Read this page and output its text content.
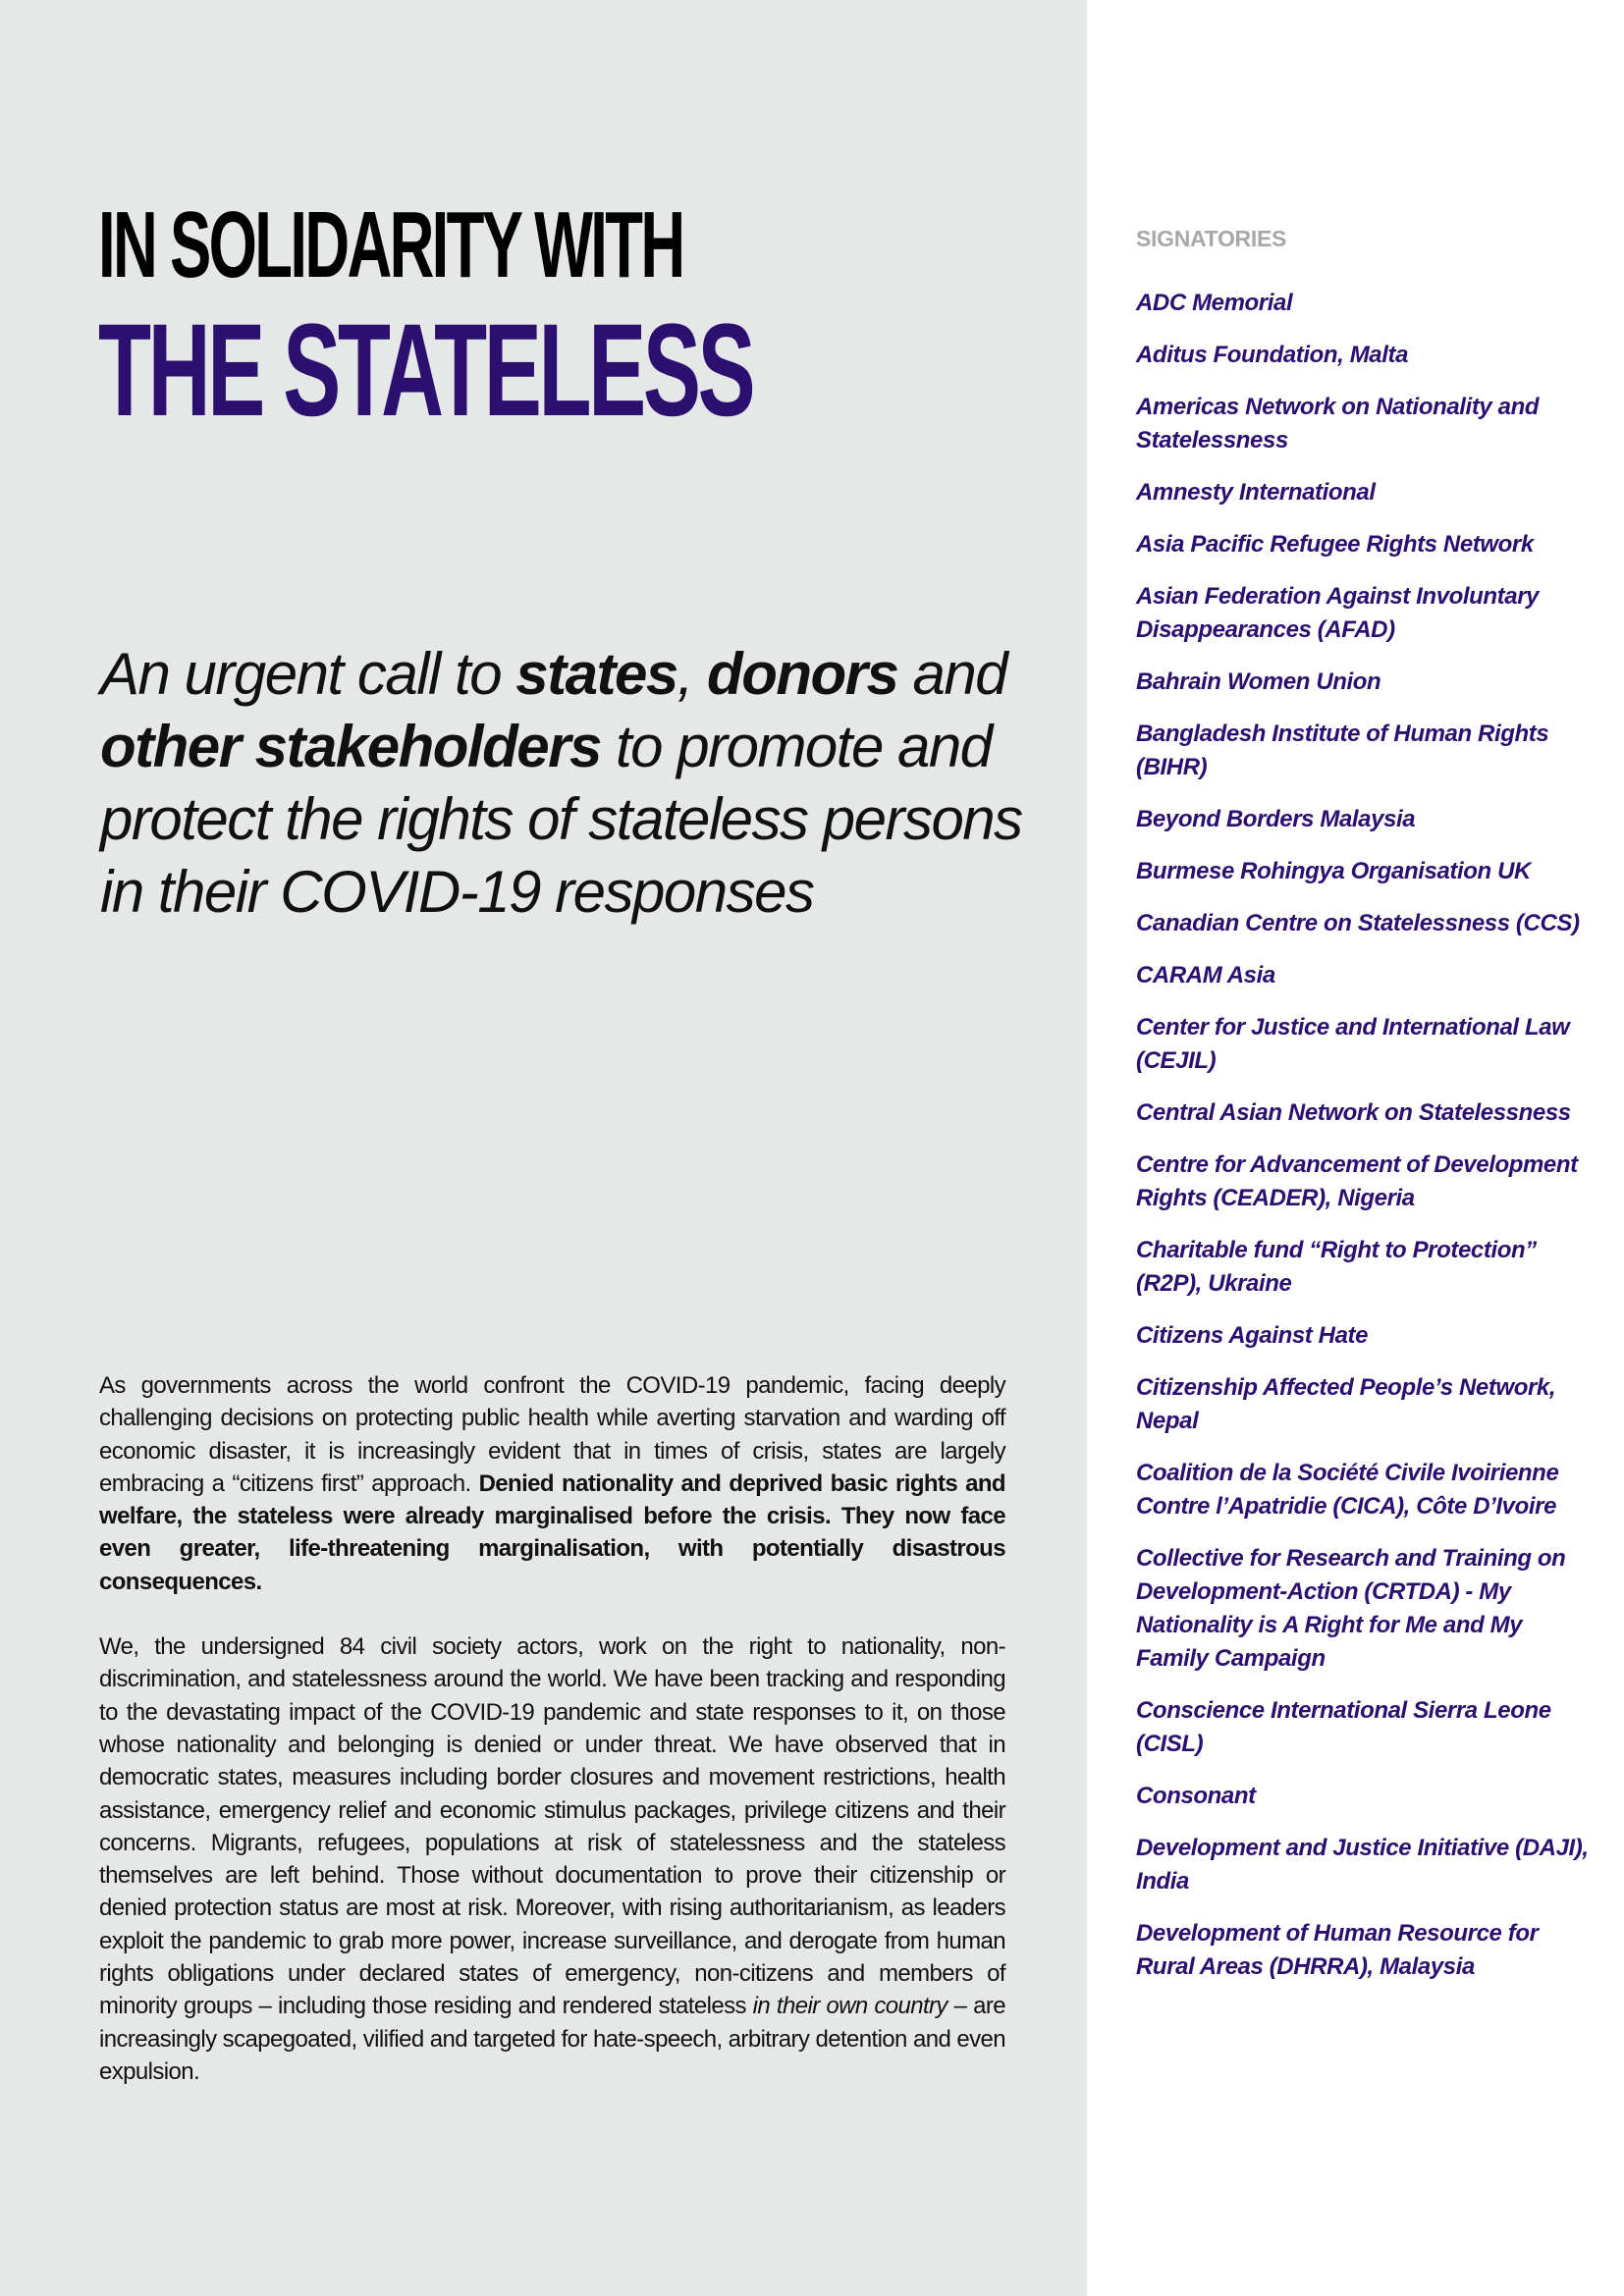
IN SOLIDARITY WITH
THE STATELESS
An urgent call to states, donors and other stakeholders to promote and protect the rights of stateless persons in their COVID-19 responses

As governments across the world confront the COVID-19 pandemic, facing deeply challenging decisions on protecting public health while averting starvation and warding off economic disaster, it is increasingly evident that in times of crisis, states are largely embracing a “citizens first” approach. Denied nationality and deprived basic rights and welfare, the stateless were already marginalised before the crisis. They now face even greater, life-threatening marginalisation, with potentially disastrous consequences.

We, the undersigned 84 civil society actors, work on the right to nationality, non-discrimination, and statelessness around the world. We have been tracking and responding to the devastating impact of the COVID-19 pandemic and state responses to it, on those whose nationality and belonging is denied or under threat. We have observed that in democratic states, measures including border closures and movement restrictions, health assistance, emergency relief and economic stimulus packages, privilege citizens and their concerns. Migrants, refugees, populations at risk of statelessness and the stateless themselves are left behind. Those without documentation to prove their citizenship or denied protection status are most at risk. Moreover, with rising authoritarianism, as leaders exploit the pandemic to grab more power, increase surveillance, and derogate from human rights obligations under declared states of emergency, non-citizens and members of minority groups – including those residing and rendered stateless in their own country – are increasingly scapegoated, vilified and targeted for hate-speech, arbitrary detention and even expulsion.

SIGNATORIES
ADC Memorial
Aditus Foundation, Malta
Americas Network on Nationality and Statelessness
Amnesty International
Asia Pacific Refugee Rights Network
Asian Federation Against Involuntary Disappearances (AFAD)
Bahrain Women Union
Bangladesh Institute of Human Rights (BIHR)
Beyond Borders Malaysia
Burmese Rohingya Organisation UK
Canadian Centre on Statelessness (CCS)
CARAM Asia
Center for Justice and International Law (CEJIL)
Central Asian Network on Statelessness
Centre for Advancement of Development Rights (CEADER), Nigeria
Charitable fund “Right to Protection” (R2P), Ukraine
Citizens Against Hate
Citizenship Affected People’s Network, Nepal
Coalition de la Société Civile Ivoirienne Contre l’Apatridie (CICA), Côte D’Ivoire
Collective for Research and Training on Development-Action (CRTDA) - My Nationality is A Right for Me and My Family Campaign
Conscience International Sierra Leone (CISL)
Consonant
Development and Justice Initiative (DAJI), India
Development of Human Resource for Rural Areas (DHRRA), Malaysia
